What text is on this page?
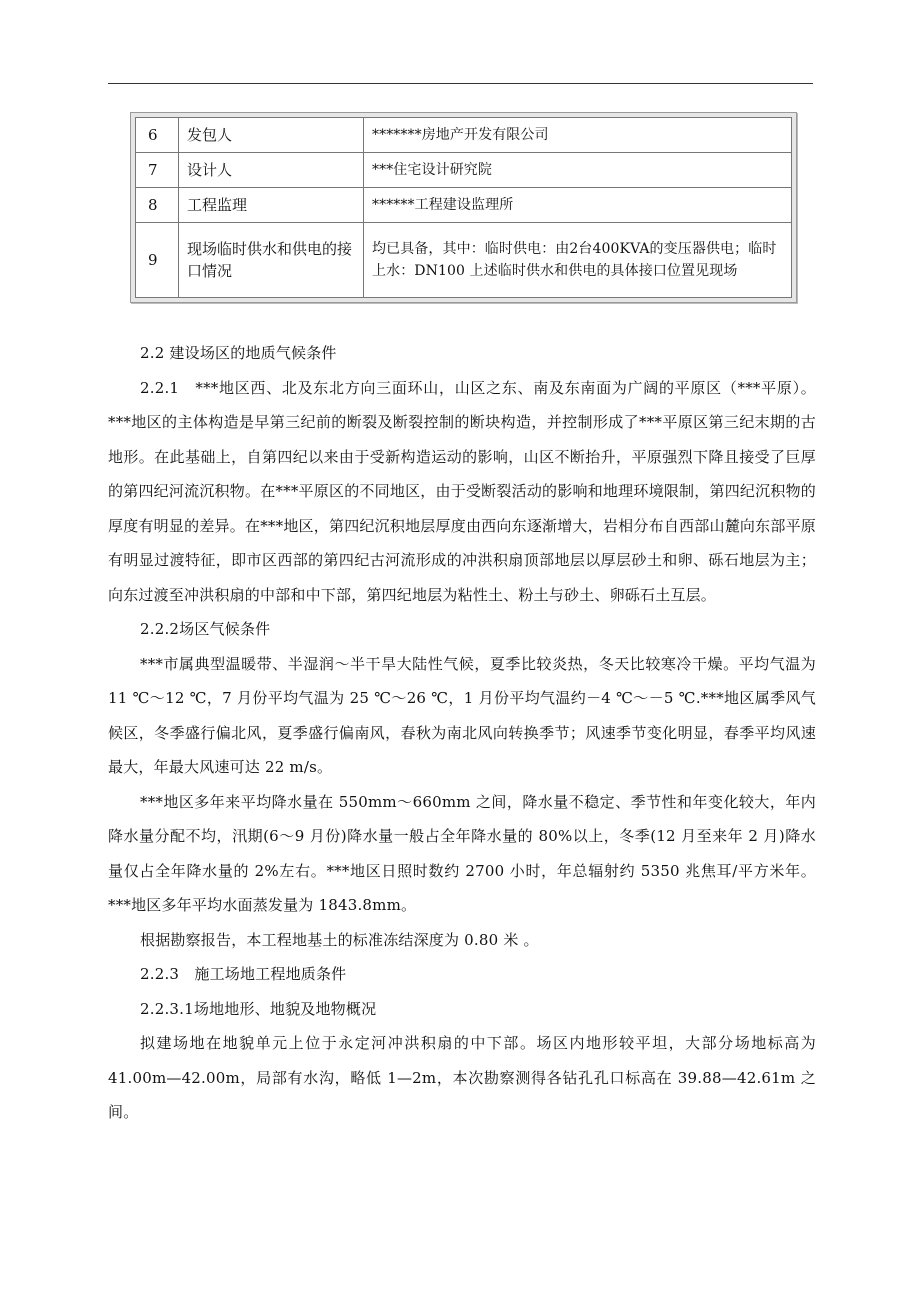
6	发包人	*******房地产开发有限公司
7	设计人	***住宅设计研究院
8	工程监理	******工程建设监理所
9	现场临时供水和供电的接口情况	均已具备，其中：临时供电：由2台400KVA的变压器供电；临时上水：DN100 上述临时供水和供电的具体接口位置见现场

2.2 建设场区的地质气候条件

2.2.1　***地区西、北及东北方向三面环山，山区之东、南及东南面为广阔的平原区（***平原）。***地区的主体构造是早第三纪前的断裂及断裂控制的断块构造，并控制形成了***平原区第三纪末期的古地形。在此基础上，自第四纪以来由于受新构造运动的影响，山区不断抬升，平原强烈下降且接受了巨厚的第四纪河流沉积物。在***平原区的不同地区，由于受断裂活动的影响和地理环境限制，第四纪沉积物的厚度有明显的差异。在***地区，第四纪沉积地层厚度由西向东逐渐增大，岩相分布自西部山麓向东部平原有明显过渡特征，即市区西部的第四纪古河流形成的冲洪积扇顶部地层以厚层砂土和卵、砾石地层为主；向东过渡至冲洪积扇的中部和中下部，第四纪地层为粘性土、粉土与砂土、卵砾石土互层。

2.2.2场区气候条件

***市属典型温暖带、半湿润～半干旱大陆性气候，夏季比较炎热，冬天比较寒冷干燥。平均气温为 11 ℃～12 ℃，7 月份平均气温为 25 ℃～26 ℃，1 月份平均气温约－4 ℃～－5 ℃.***地区属季风气候区，冬季盛行偏北风，夏季盛行偏南风，春秋为南北风向转换季节；风速季节变化明显，春季平均风速最大，年最大风速可达 22 m/s。

***地区多年来平均降水量在 550mm～660mm 之间，降水量不稳定、季节性和年变化较大，年内降水量分配不均，汛期(6～9 月份)降水量一般占全年降水量的 80%以上，冬季(12 月至来年 2 月)降水量仅占全年降水量的 2%左右。***地区日照时数约 2700 小时，年总辐射约 5350 兆焦耳/平方米年。***地区多年平均水面蒸发量为 1843.8mm。

根据勘察报告，本工程地基土的标准冻结深度为 0.80 米 。

2.2.3　施工场地工程地质条件

2.2.3.1场地地形、地貌及地物概况

拟建场地在地貌单元上位于永定河冲洪积扇的中下部。场区内地形较平坦，大部分场地标高为 41.00m—42.00m，局部有水沟，略低 1—2m，本次勘察测得各钻孔孔口标高在 39.88—42.61m 之间。
